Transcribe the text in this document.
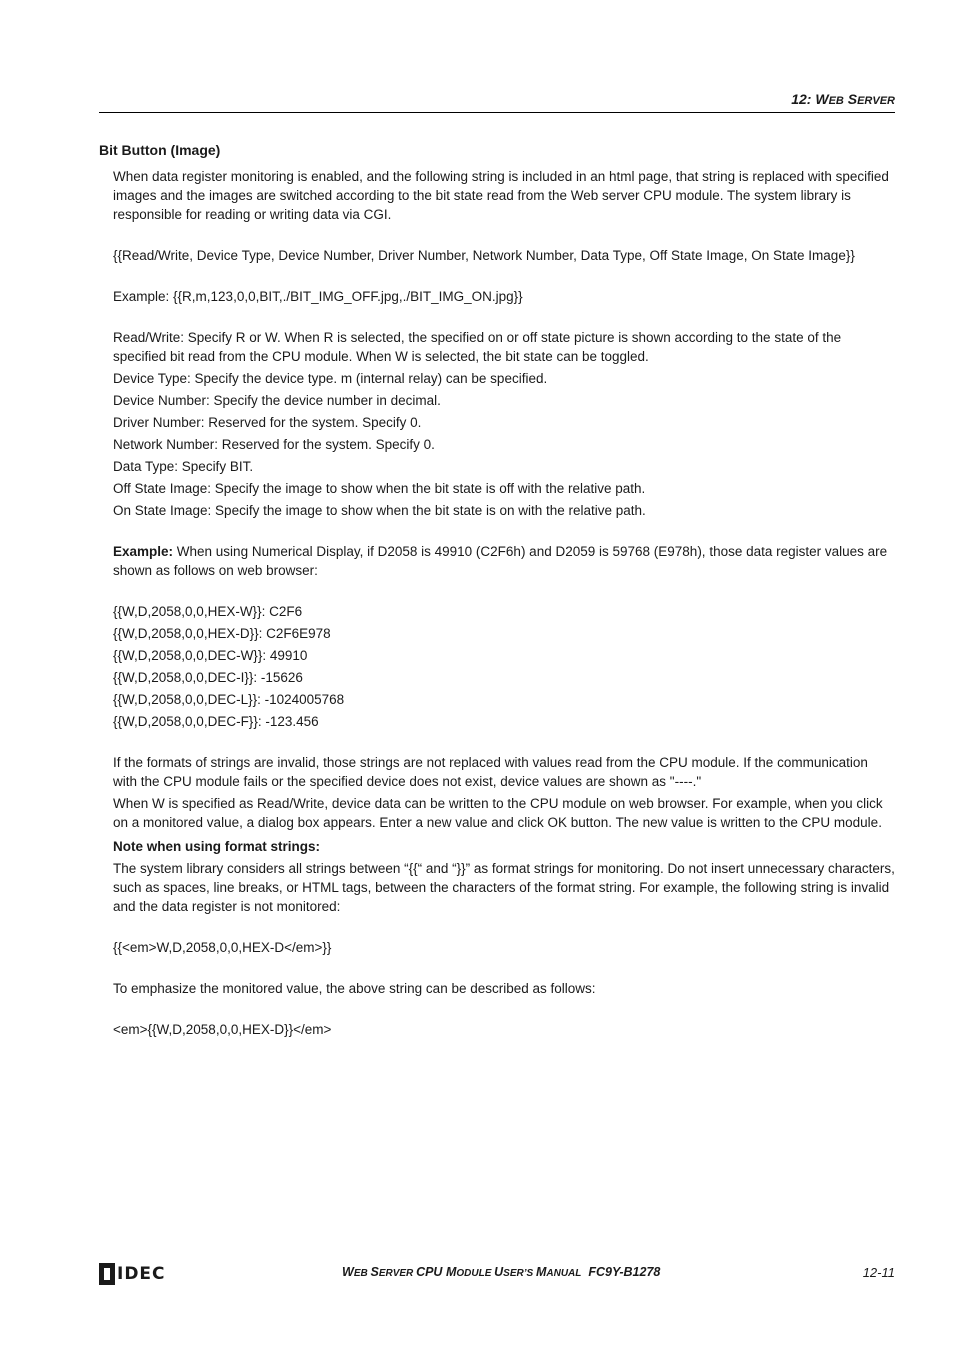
12: WEB SERVER
Bit Button (Image)

When data register monitoring is enabled, and the following string is included in an html page, that string is replaced with specified images and the images are switched according to the bit state read from the Web server CPU module. The system library is responsible for reading or writing data via CGI.

{{Read/Write, Device Type, Device Number, Driver Number, Network Number, Data Type, Off State Image, On State Image}}

Example: {{R,m,123,0,0,BIT,./BIT_IMG_OFF.jpg,./BIT_IMG_ON.jpg}}

Read/Write: Specify R or W. When R is selected, the specified on or off state picture is shown according to the state of the specified bit read from the CPU module. When W is selected, the bit state can be toggled.

Device Type: Specify the device type. m (internal relay) can be specified.

Device Number: Specify the device number in decimal.

Driver Number: Reserved for the system. Specify 0.

Network Number: Reserved for the system. Specify 0.

Data Type: Specify BIT.

Off State Image: Specify the image to show when the bit state is off with the relative path.

On State Image: Specify the image to show when the bit state is on with the relative path.

Example: When using Numerical Display, if D2058 is 49910 (C2F6h) and D2059 is 59768 (E978h), those data register values are shown as follows on web browser:

{{W,D,2058,0,0,HEX-W}}: C2F6

{{W,D,2058,0,0,HEX-D}}: C2F6E978

{{W,D,2058,0,0,DEC-W}}: 49910

{{W,D,2058,0,0,DEC-I}}: -15626

{{W,D,2058,0,0,DEC-L}}: -1024005768

{{W,D,2058,0,0,DEC-F}}: -123.456

If the formats of strings are invalid, those strings are not replaced with values read from the CPU module. If the communication with the CPU module fails or the specified device does not exist, device values are shown as "----."

When W is specified as Read/Write, device data can be written to the CPU module on web browser. For example, when you click on a monitored value, a dialog box appears. Enter a new value and click OK button. The new value is written to the CPU module.

Note when using format strings:

The system library considers all strings between “{{“ and “}}” as format strings for monitoring. Do not insert unnecessary characters, such as spaces, line breaks, or HTML tags, between the characters of the format string. For example, the following string is invalid and the data register is not monitored:

{{<em>W,D,2058,0,0,HEX-D</em>}}

To emphasize the monitored value, the above string can be described as follows:

<em>{{W,D,2058,0,0,HEX-D}}</em>

IDEC	WEB SERVER CPU MODULE USER’S MANUAL FC9Y-B1278	12-11
